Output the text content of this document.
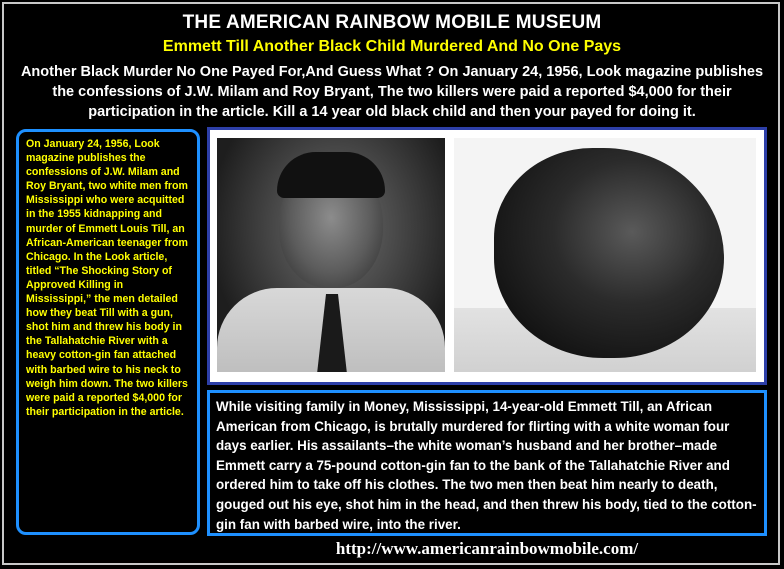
THE AMERICAN RAINBOW MOBILE MUSEUM
Emmett Till Another Black Child Murdered And No One Pays
Another Black Murder No One Payed For,And Guess What ? On January 24, 1956, Look magazine publishes the confessions of J.W. Milam and Roy Bryant, The two killers were paid a reported $4,000 for their participation in the article. Kill a 14 year old black child and then your payed for doing it.
On January 24, 1956, Look magazine publishes the confessions of J.W. Milam and Roy Bryant, two white men from Mississippi who were acquitted in the 1955 kidnapping and murder of Emmett Louis Till, an African-American teenager from Chicago. In the Look article, titled “The Shocking Story of Approved Killing in Mississippi,” the men detailed how they beat Till with a gun, shot him and threw his body in the Tallahatchie River with a heavy cotton-gin fan attached with barbed wire to his neck to weigh him down. The two killers were paid a reported $4,000 for their participation in the article.	While visiting family in Money, Mississippi, 14-year-old Emmett Till, an African American from Chicago, is brutally murdered for flirting with a white woman four days earlier. His assailants–the white woman’s husband and her brother–made Emmett carry a 75-pound cotton-gin fan to the bank of the Tallahatchie River and ordered him to take off his clothes. The two men then beat him nearly to death, gouged out his eye, shot him in the head, and then threw his body, tied to the cotton-gin fan with barbed wire, into the river.
http://www.americanrainbowmobile.com/
